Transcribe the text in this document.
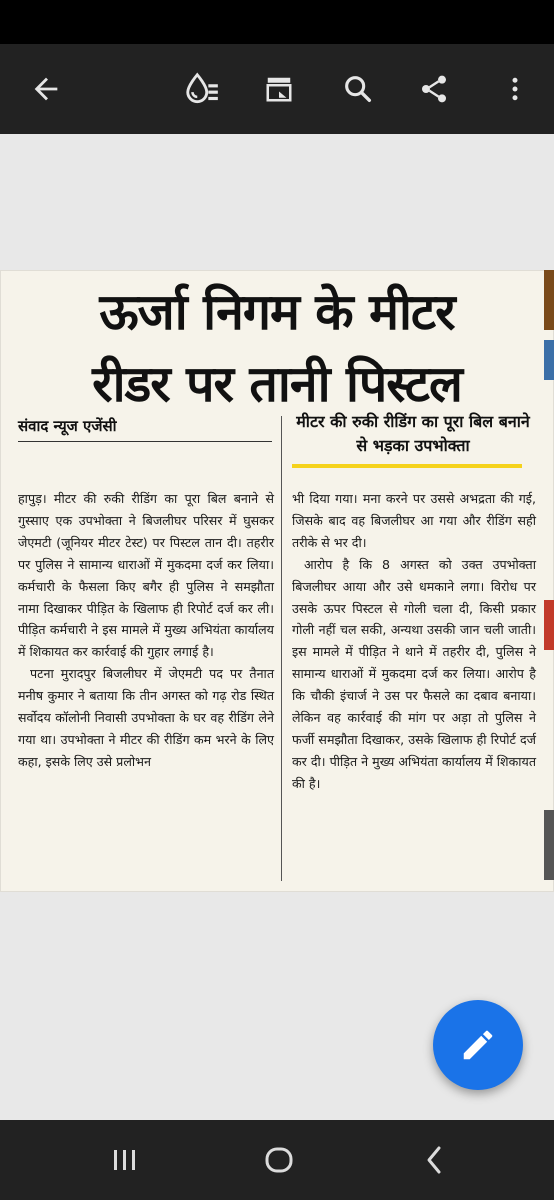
ऊर्जा निगम के मीटर
रीडर पर तानी पिस्टल
संवाद न्यूज एजेंसी	मीटर की रुकी रीडिंग का पूरा बिल बनाने से भड़का उपभोक्ता

हापुड़। मीटर की रुकी रीडिंग का पूरा बिल बनाने से गुस्साए एक उपभोक्ता ने बिजलीघर परिसर में घुसकर जेएमटी (जूनियर मीटर टेस्ट) पर पिस्टल तान दी। तहरीर पर पुलिस ने सामान्य धाराओं में मुकदमा दर्ज कर लिया। कर्मचारी के फैसला किए बगैर ही पुलिस ने समझौता नामा दिखाकर पीड़ित के खिलाफ ही रिपोर्ट दर्ज कर ली। पीड़ित कर्मचारी ने इस मामले में मुख्य अभियंता कार्यालय में शिकायत कर कार्रवाई की गुहार लगाई है।

पटना मुरादपुर बिजलीघर में जेएमटी पद पर तैनात मनीष कुमार ने बताया कि तीन अगस्त को गढ़ रोड स्थित सर्वोदय कॉलोनी निवासी उपभोक्ता के घर वह रीडिंग लेने गया था। उपभोक्ता ने मीटर की रीडिंग कम भरने के लिए कहा, इसके लिए उसे प्रलोभन

भी दिया गया। मना करने पर उससे अभद्रता की गई, जिसके बाद वह बिजलीघर आ गया और रीडिंग सही तरीके से भर दी।

आरोप है कि 8 अगस्त को उक्त उपभोक्ता बिजलीघर आया और उसे धमकाने लगा। विरोध पर उसके ऊपर पिस्टल से गोली चला दी, किसी प्रकार गोली नहीं चल सकी, अन्यथा उसकी जान चली जाती। इस मामले में पीड़ित ने थाने में तहरीर दी, पुलिस ने सामान्य धाराओं में मुकदमा दर्ज कर लिया। आरोप है कि चौकी इंचार्ज ने उस पर फैसले का दबाव बनाया। लेकिन वह कार्रवाई की मांग पर अड़ा तो पुलिस ने फर्जी समझौता दिखाकर, उसके खिलाफ ही रिपोर्ट दर्ज कर दी। पीड़ित ने मुख्य अभियंता कार्यालय में शिकायत की है।
